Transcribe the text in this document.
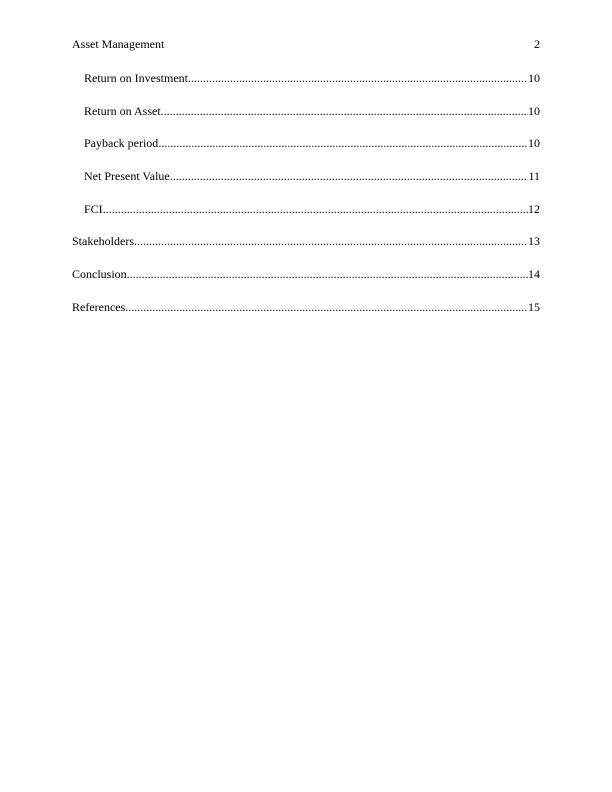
Asset Management	2
Return on Investment .....	10
Return on Asset .....	10
Payback period .....	10
Net Present Value .....	11
FCI .....	12
Stakeholders .....	13
Conclusion .....	14
References .....	15
